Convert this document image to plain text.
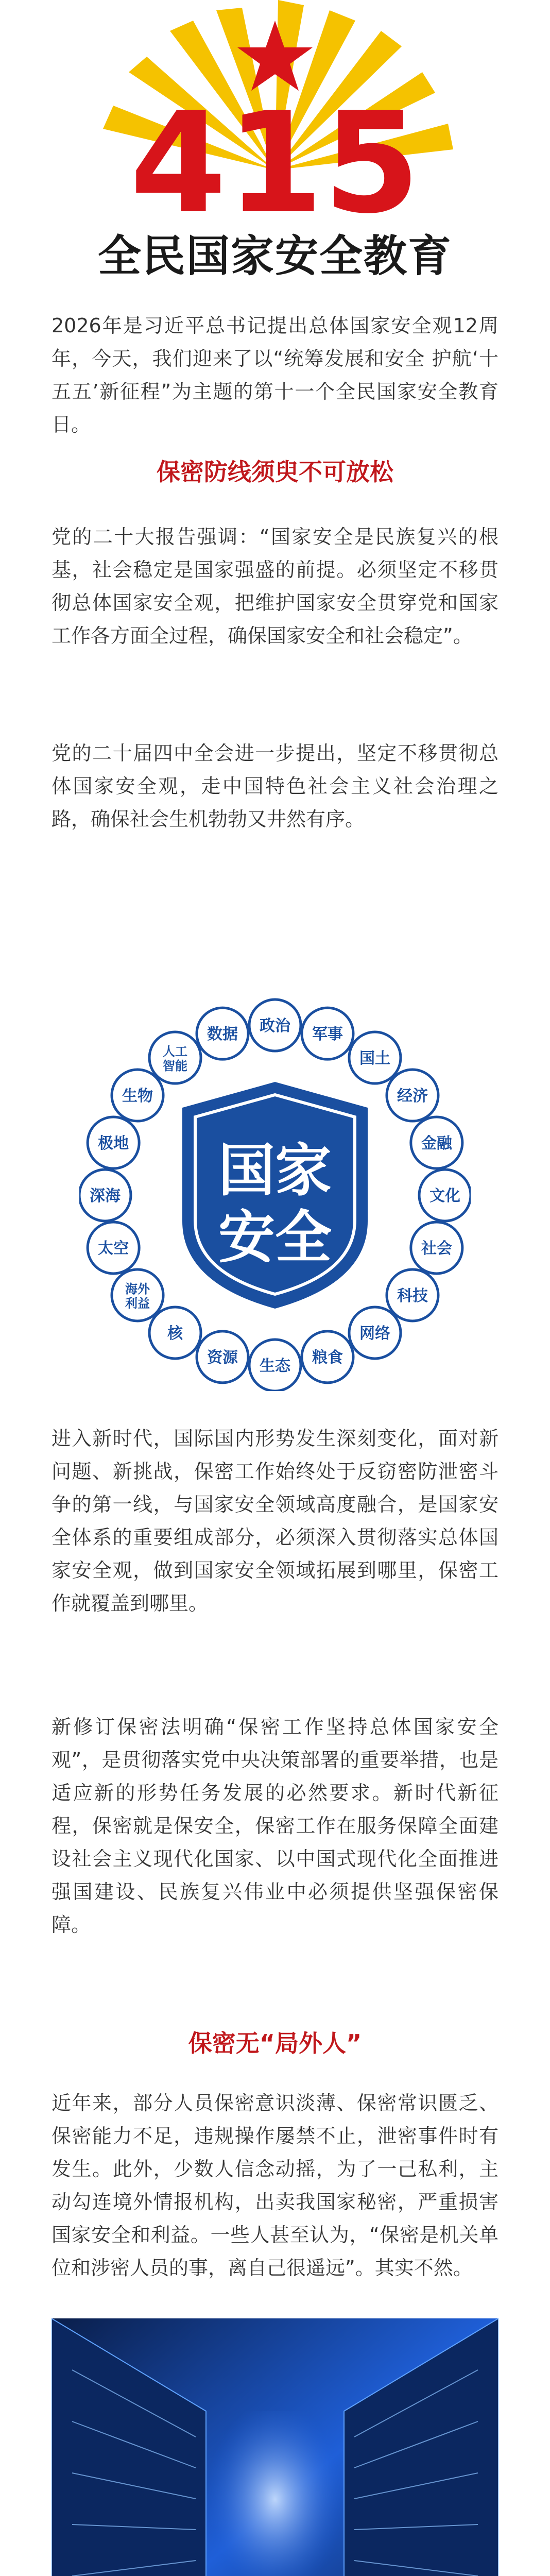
415
全民国家安全教育

2026年是习近平总书记提出总体国家安全观12周年，今天，我们迎来了以“统筹发展和安全 护航‘十五五’新征程”为主题的第十一个全民国家安全教育日。

保密防线须臾不可放松

党的二十大报告强调：“国家安全是民族复兴的根基，社会稳定是国家强盛的前提。必须坚定不移贯彻总体国家安全观，把维护国家安全贯穿党和国家工作各方面全过程，确保国家安全和社会稳定”。

党的二十届四中全会进一步提出，坚定不移贯彻总体国家安全观，走中国特色社会主义社会治理之路，确保社会生机勃勃又井然有序。

国家
安全
政治 军事
国土
经济
金融
文化
社会
科技
网络
粮食
生态
资源
核
海外利益
太空
深海
极地
生物
人工智能
数据

进入新时代，国际国内形势发生深刻变化，面对新问题、新挑战，保密工作始终处于反窃密防泄密斗争的第一线，与国家安全领域高度融合，是国家安全体系的重要组成部分，必须深入贯彻落实总体国家安全观，做到国家安全领域拓展到哪里，保密工作就覆盖到哪里。

新修订保密法明确“保密工作坚持总体国家安全观”，是贯彻落实党中央决策部署的重要举措，也是适应新的形势任务发展的必然要求。新时代新征程，保密就是保安全，保密工作在服务保障全面建设社会主义现代化国家、以中国式现代化全面推进强国建设、民族复兴伟业中必须提供坚强保密保障。

保密无“局外人”

近年来，部分人员保密意识淡薄、保密常识匮乏、保密能力不足，违规操作屡禁不止，泄密事件时有发生。此外，少数人信念动摇，为了一己私利，主动勾连境外情报机构，出卖我国家秘密，严重损害国家安全和利益。一些人甚至认为，“保密是机关单位和涉密人员的事，离自己很遥远”。其实不然。
